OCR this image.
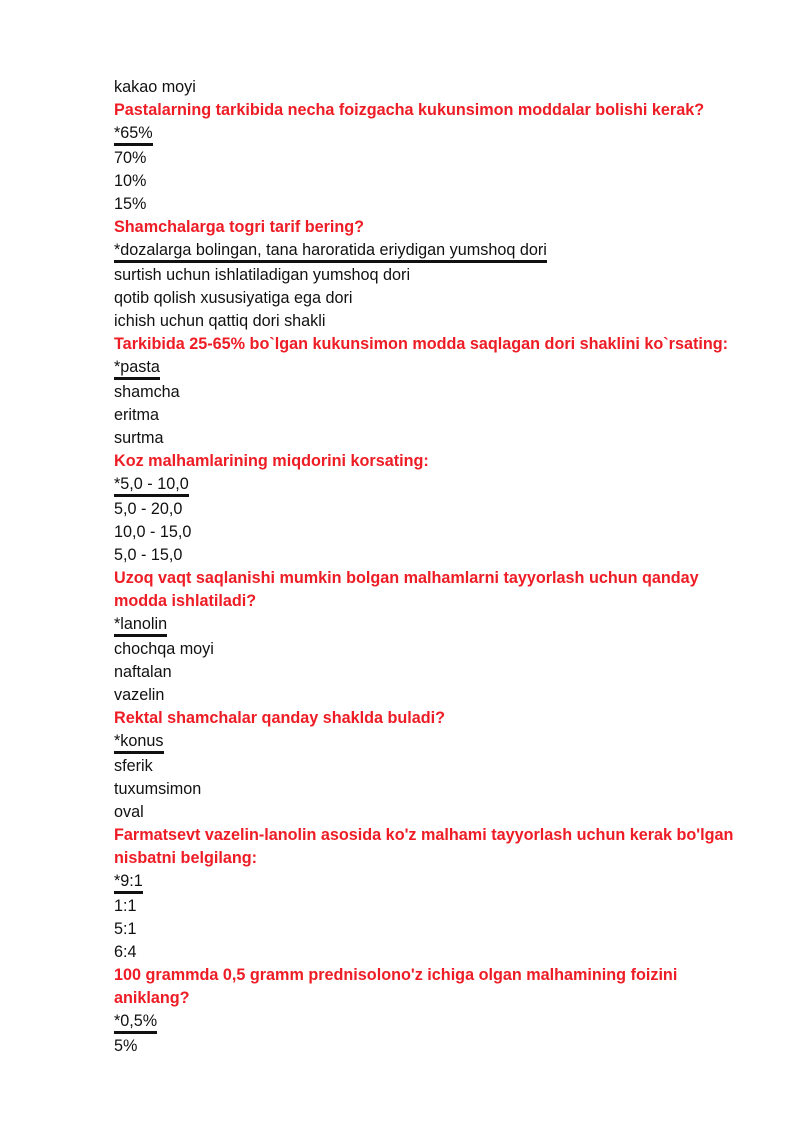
kakao moyi
Pastalarning tarkibida necha foizgacha kukunsimon moddalar bolishi kerak?
*65%
70%
10%
15%
Shamchalarga togri tarif bering?
*dozalarga bolingan, tana haroratida eriydigan yumshoq dori
surtish uchun ishlatiladigan yumshoq dori
qotib qolish xususiyatiga ega dori
ichish uchun qattiq dori shakli
Tarkibida 25-65% bo`lgan kukunsimon modda saqlagan dori shaklini ko`rsating:
*pasta
shamcha
eritma
surtma
Koz malhamlarining miqdorini korsating:
*5,0 - 10,0
5,0 - 20,0
10,0 - 15,0
5,0 - 15,0
Uzoq vaqt saqlanishi mumkin bolgan malhamlarni tayyorlash uchun qanday modda ishlatiladi?
*lanolin
chochqa moyi
naftalan
vazelin
Rektal shamchalar qanday shaklda buladi?
*konus
sferik
tuxumsimon
oval
Farmatsevt vazelin-lanolin asosida ko'z malhami tayyorlash uchun kerak bo'lgan nisbatni belgilang:
*9:1
1:1
5:1
6:4
100 grammda 0,5 gramm prednisolono'z ichiga olgan malhamining foizini aniklang?
*0,5%
5%
